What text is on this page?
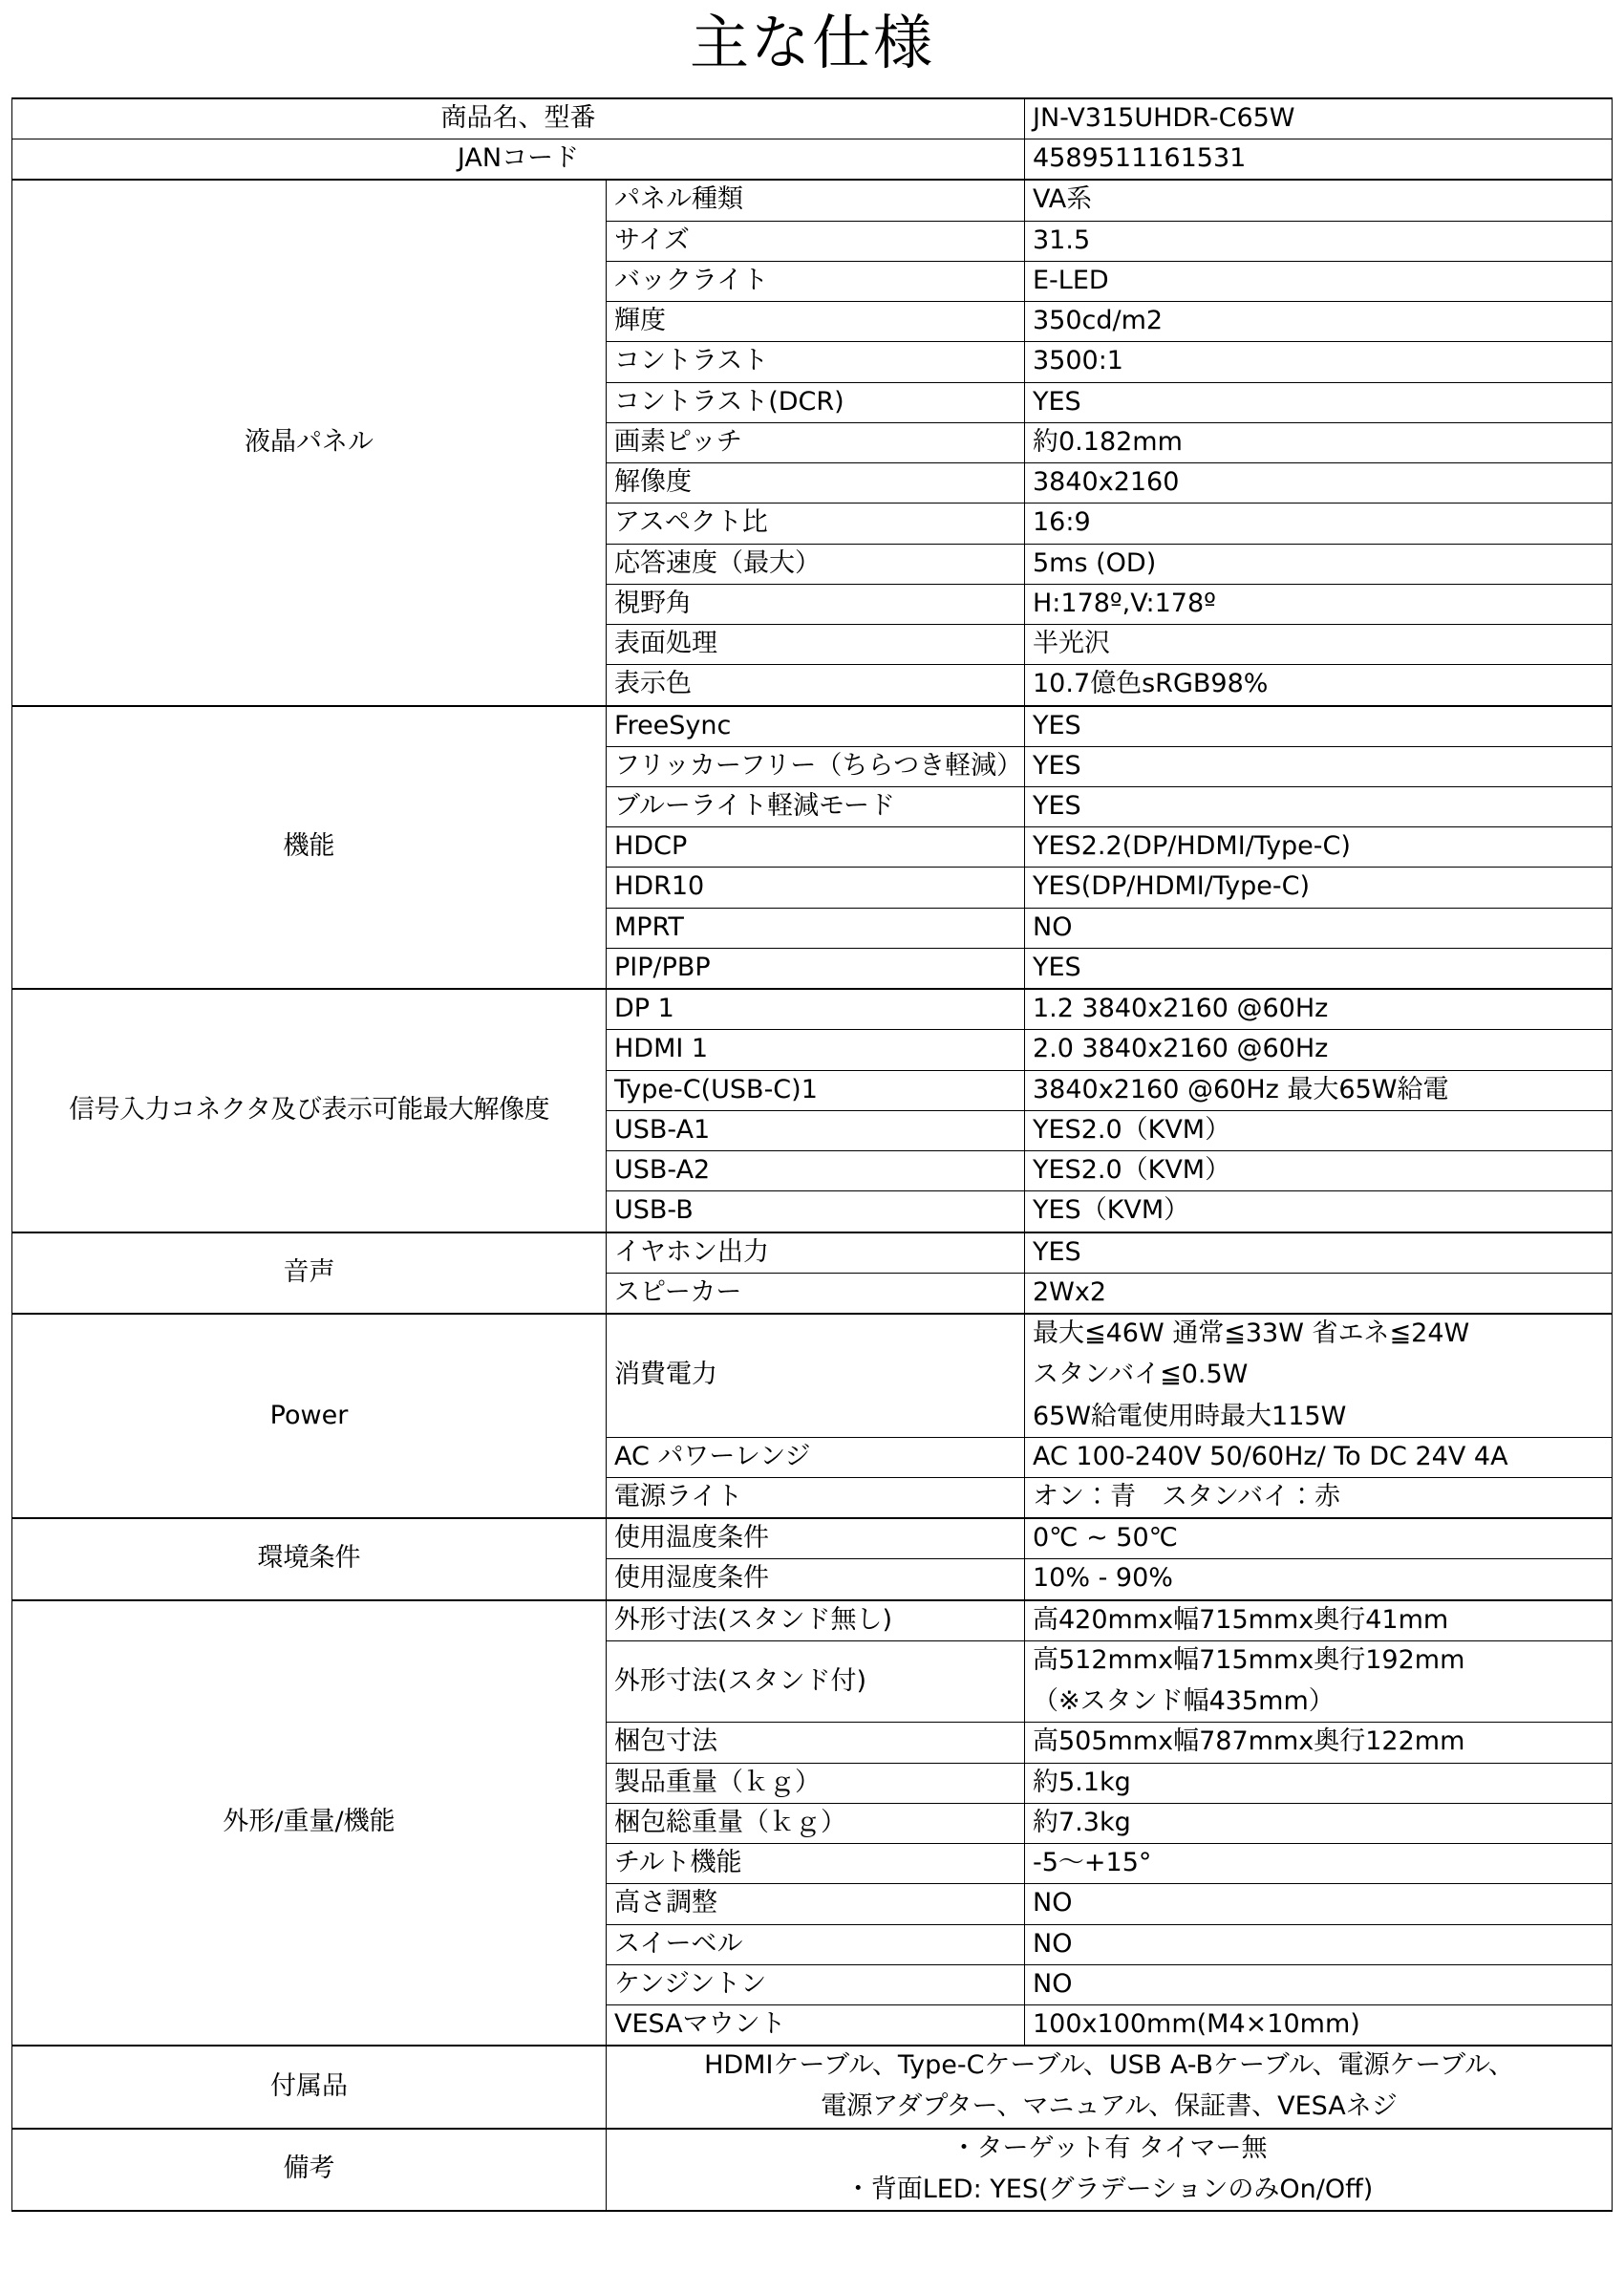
主な仕様
商品名、型番		JN-V315UHDR-C65W
JANコード		4589511161531
液晶パネル	パネル種類	VA系
	サイズ	31.5
	バックライト	E-LED
	輝度	350cd/m2
	コントラスト	3500:1
	コントラスト(DCR)	YES
	画素ピッチ	約0.182mm
	解像度	3840x2160
	アスペクト比	16:9
	応答速度（最大）	5ms (OD)
	視野角	H:178º,V:178º
	表面処理	半光沢
	表示色	10.7億色sRGB98%
機能	FreeSync	YES
	フリッカーフリー（ちらつき軽減）	YES
	ブルーライト軽減モード	YES
	HDCP	YES2.2(DP/HDMI/Type-C)
	HDR10	YES(DP/HDMI/Type-C)
	MPRT	NO
	PIP/PBP	YES
信号入力コネクタ及び表示可能最大解像度	DP 1	1.2 3840x2160 @60Hz
	HDMI 1	2.0 3840x2160 @60Hz
	Type-C(USB-C)1	3840x2160 @60Hz 最大65W給電
	USB-A1	YES2.0（KVM）
	USB-A2	YES2.0（KVM）
	USB-B	YES（KVM）
音声	イヤホン出力	YES
	スピーカー	2Wx2
Power	消費電力	最大≦46W 通常≦33W 省エネ≦24W
スタンバイ≦0.5W
65W給電使用時最大115W

	AC パワーレンジ	AC 100-240V 50/60Hz/ To DC 24V 4A
	電源ライト	オン：青　スタンバイ：赤
環境条件	使用温度条件	0℃ ~ 50℃
	使用湿度条件	10% - 90%
外形/重量/機能	外形寸法(スタンド無し)	高420mmx幅715mmx奥行41mm
	外形寸法(スタンド付)	高512mmx幅715mmx奥行192mm
（※スタンド幅435mm）

	梱包寸法	高505mmx幅787mmx奥行122mm
	製品重量（ｋｇ）	約5.1kg
	梱包総重量（ｋｇ）	約7.3kg
	チルト機能	-5〜+15°
	高さ調整	NO
	スイーベル	NO
	ケンジントン	NO
	VESAマウント	100x100mm(M4×10mm)
付属品	HDMIケーブル、Type-Cケーブル、USB A-Bケーブル、電源ケーブル、
電源アダプター、マニュアル、保証書、VESAネジ	

備考	・ターゲット有 タイマー無
・背面LED: YES(グラデーションのみOn/Off)	
